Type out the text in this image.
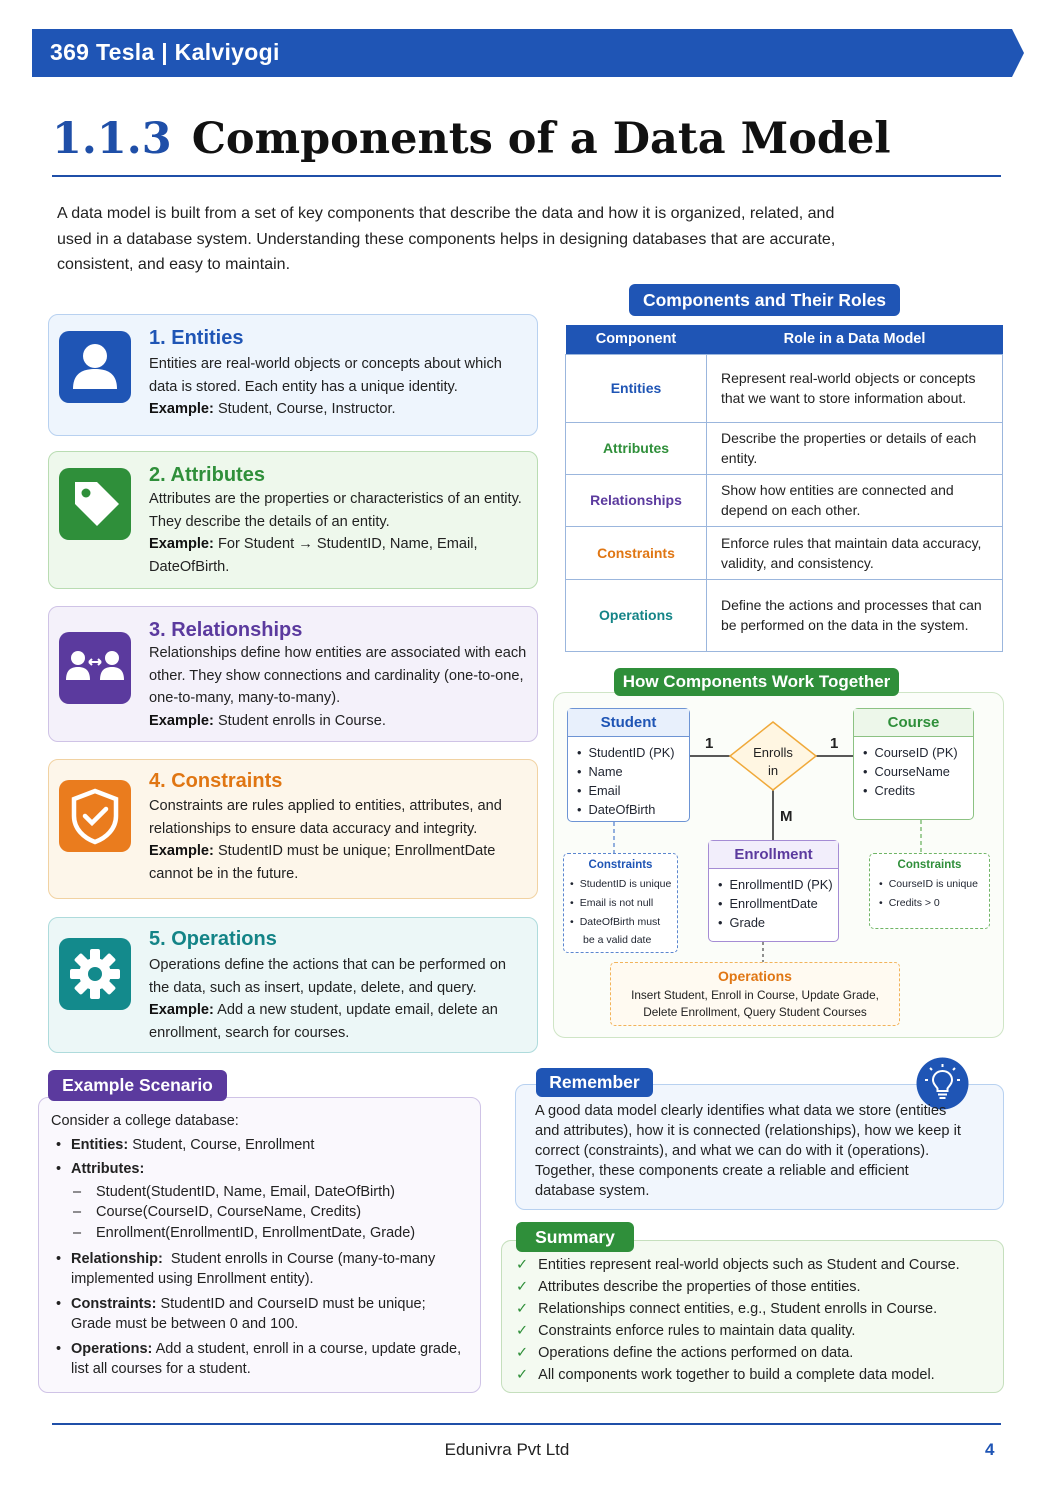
369 Tesla | Kalviyogi
1.1.3 Components of a Data Model

A data model is built from a set of key components that describe the data and how it is organized, related, and used in a database system. Understanding these components helps in designing databases that are accurate, consistent, and easy to maintain.

1. Entities
Entities are real-world objects or concepts about which data is stored. Each entity has a unique identity.
Example: Student, Course, Instructor.
2. Attributes
Attributes are the properties or characteristics of an entity. They describe the details of an entity.
Example: For Student → StudentID, Name, Email, DateOfBirth.
3. Relationships
Relationships define how entities are associated with each other. They show connections and cardinality (one-to-one, one-to-many, many-to-many).
Example: Student enrolls in Course.
4. Constraints
Constraints are rules applied to entities, attributes, and relationships to ensure data accuracy and integrity.
Example: StudentID must be unique; EnrollmentDate cannot be in the future.
5. Operations
Operations define the actions that can be performed on the data, such as insert, update, delete, and query.
Example: Add a new student, update email, delete an enrollment, search for courses.
Components and Their Roles
Component	Role in a Data Model
Entities	Represent real-world objects or concepts that we want to store information about.
Attributes	Describe the properties or details of each entity.
Relationships	Show how entities are connected and depend on each other.
Constraints	Enforce rules that maintain data accuracy, validity, and consistency.
Operations	Define the actions and processes that can be performed on the data in the system.
How Components Work Together
Enrolls
in
1	1
M
Student
• StudentID (PK)
• Name
• Email
• DateOfBirth
Course
• CourseID (PK)
• CourseName
• Credits
Enrollment
• EnrollmentID (PK)
• EnrollmentDate
• Grade
Constraints
• StudentID is unique
• Email is not null
• DateOfBirth must
be a valid date
Constraints
• CourseID is unique
• Credits > 0
Operations
Insert Student, Enroll in Course, Update Grade,
Delete Enrollment, Query Student Courses
Example Scenario
Consider a college database:
• Entities: Student, Course, Enrollment
• Attributes:
– Student(StudentID, Name, Email, DateOfBirth)
– Course(CourseID, CourseName, Credits)
– Enrollment(EnrollmentID, EnrollmentDate, Grade)
• Relationship: Student enrolls in Course (many-to-many
implemented using Enrollment entity).
• Constraints: StudentID and CourseID must be unique;
Grade must be between 0 and 100.
• Operations: Add a student, enroll in a course, update grade,
list all courses for a student.
Remember

A good data model clearly identifies what data we store (entities and attributes), how it is connected (relationships), how we keep it correct (constraints), and what we can do with it (operations). Together, these components create a reliable and efficient database system.

Summary
✓ Entities represent real-world objects such as Student and Course.
✓ Attributes describe the properties of those entities.
✓ Relationships connect entities, e.g., Student enrolls in Course.
✓ Constraints enforce rules to maintain data quality.
✓ Operations define the actions performed on data.
✓ All components work together to build a complete data model.
Edunivra Pvt Ltd	4
